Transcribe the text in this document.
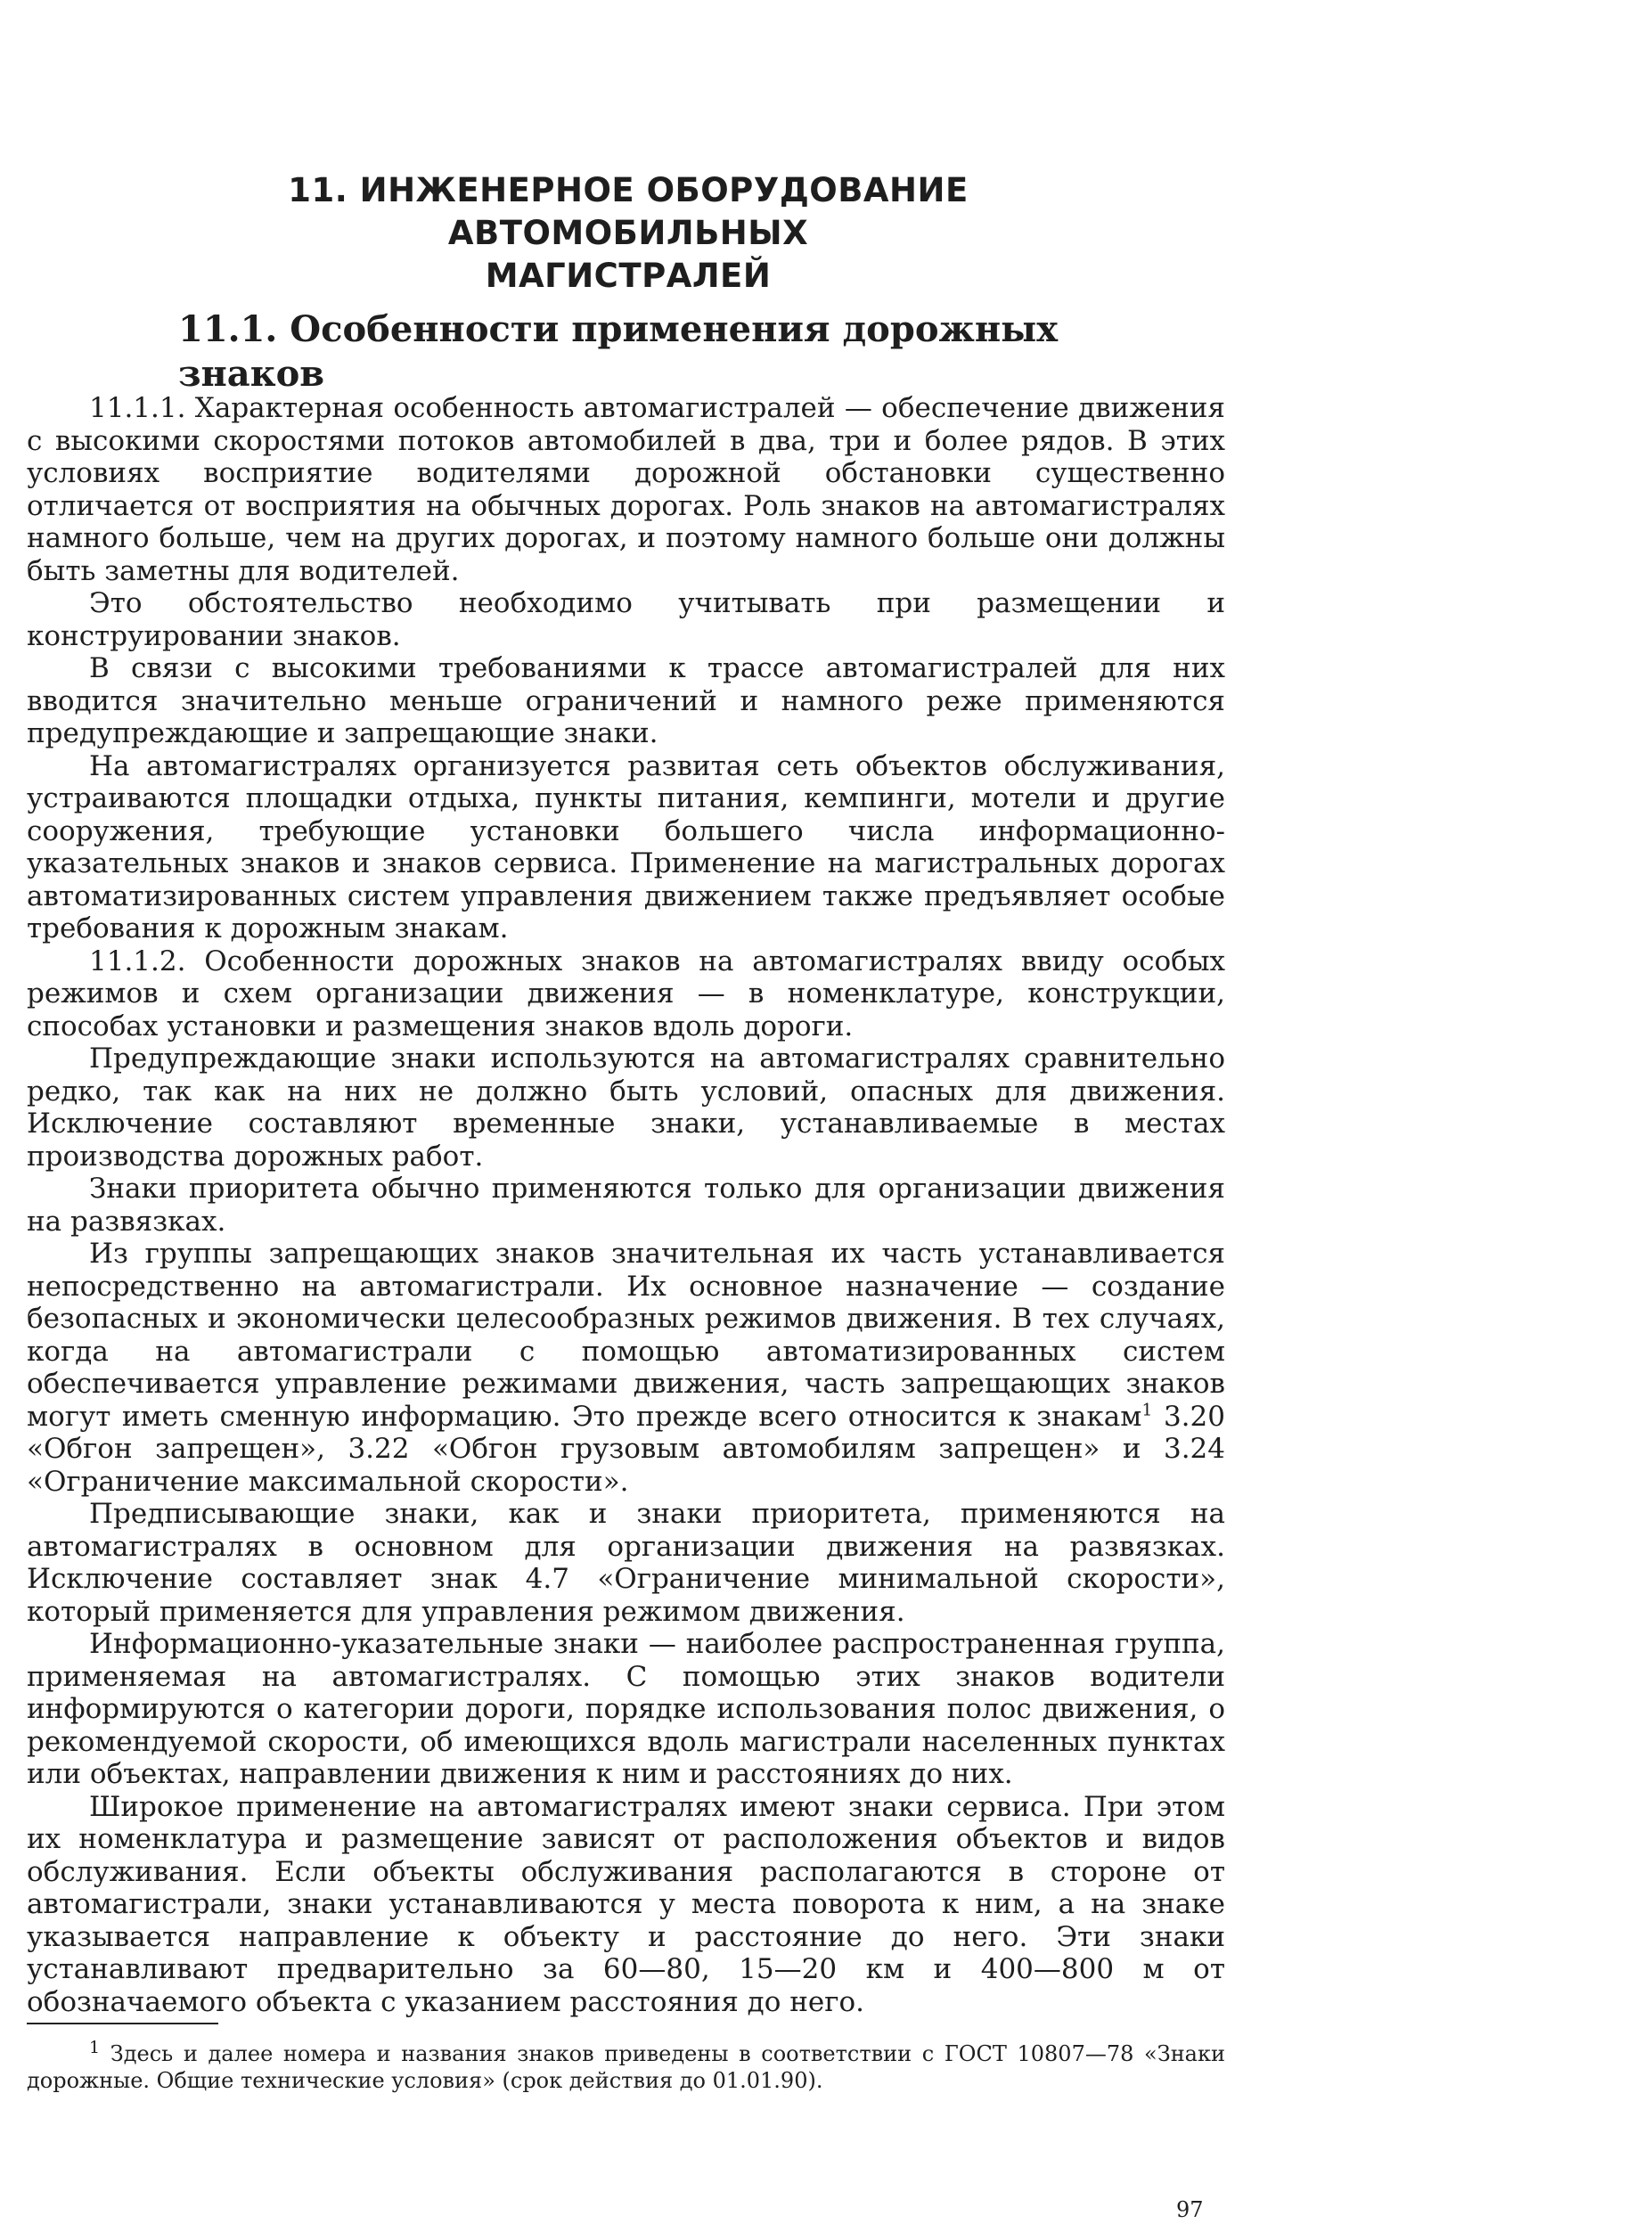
11. ИНЖЕНЕРНОЕ ОБОРУДОВАНИЕ АВТОМОБИЛЬНЫХ
МАГИСТРАЛЕЙ
11.1. Особенности применения дорожных знаков

11.1.1. Характерная особенность автомагистралей — обеспечение движения с высокими скоростями потоков автомобилей в два, три и более рядов. В этих условиях восприятие водителями дорожной обстановки существенно отличается от восприятия на обычных дорогах. Роль знаков на автомагистралях намного больше, чем на других дорогах, и поэтому намного больше они должны быть заметны для водителей.

Это обстоятельство необходимо учитывать при размещении и конструировании знаков.

В связи с высокими требованиями к трассе автомагистралей для них вводится значительно меньше ограничений и намного реже применяются предупреждающие и запрещающие знаки.

На автомагистралях организуется развитая сеть объектов обслуживания, устраиваются площадки отдыха, пункты питания, кемпинги, мотели и другие сооружения, требующие установки большего числа информационно-указательных знаков и знаков сервиса. Применение на магистральных дорогах автоматизированных систем управления движением также предъявляет особые требования к дорожным знакам.

11.1.2. Особенности дорожных знаков на автомагистралях ввиду особых режимов и схем организации движения — в номенклатуре, конструкции, способах установки и размещения знаков вдоль дороги.

Предупреждающие знаки используются на автомагистралях сравнительно редко, так как на них не должно быть условий, опасных для движения. Исключение составляют временные знаки, устанавливаемые в местах производства дорожных работ.

Знаки приоритета обычно применяются только для организации движения на развязках.

Из группы запрещающих знаков значительная их часть устанавливается непосредственно на автомагистрали. Их основное назначение — создание безопасных и экономически целесообразных режимов движения. В тех случаях, когда на автомагистрали с помощью автоматизированных систем обеспечивается управление режимами движения, часть запрещающих знаков могут иметь сменную информацию. Это прежде всего относится к знакам$^1$ 3.20 «Обгон запрещен», 3.22 «Обгон грузовым автомобилям запрещен» и 3.24 «Ограничение максимальной скорости».

Предписывающие знаки, как и знаки приоритета, применяются на автомагистралях в основном для организации движения на развязках. Исключение составляет знак 4.7 «Ограничение минимальной скорости», который применяется для управления режимом движения.

Информационно-указательные знаки — наиболее распространенная группа, применяемая на автомагистралях. С помощью этих знаков водители информируются о категории дороги, порядке использования полос движения, о рекомендуемой скорости, об имеющихся вдоль магистрали населенных пунктах или объектах, направлении движения к ним и расстояниях до них.

Широкое применение на автомагистралях имеют знаки сервиса. При этом их номенклатура и размещение зависят от расположения объектов и видов обслуживания. Если объекты обслуживания располагаются в стороне от автомагистрали, знаки устанавливаются у места поворота к ним, а на знаке указывается направление к объекту и расстояние до него. Эти знаки устанавливают предварительно за 60—80, 15—20 км и 400—800 м от обозначаемого объекта с указанием расстояния до него.

$^1$ Здесь и далее номера и названия знаков приведены в соответствии с ГОСТ 10807—78 «Знаки дорожные. Общие технические условия» (срок действия до 01.01.90).

97
